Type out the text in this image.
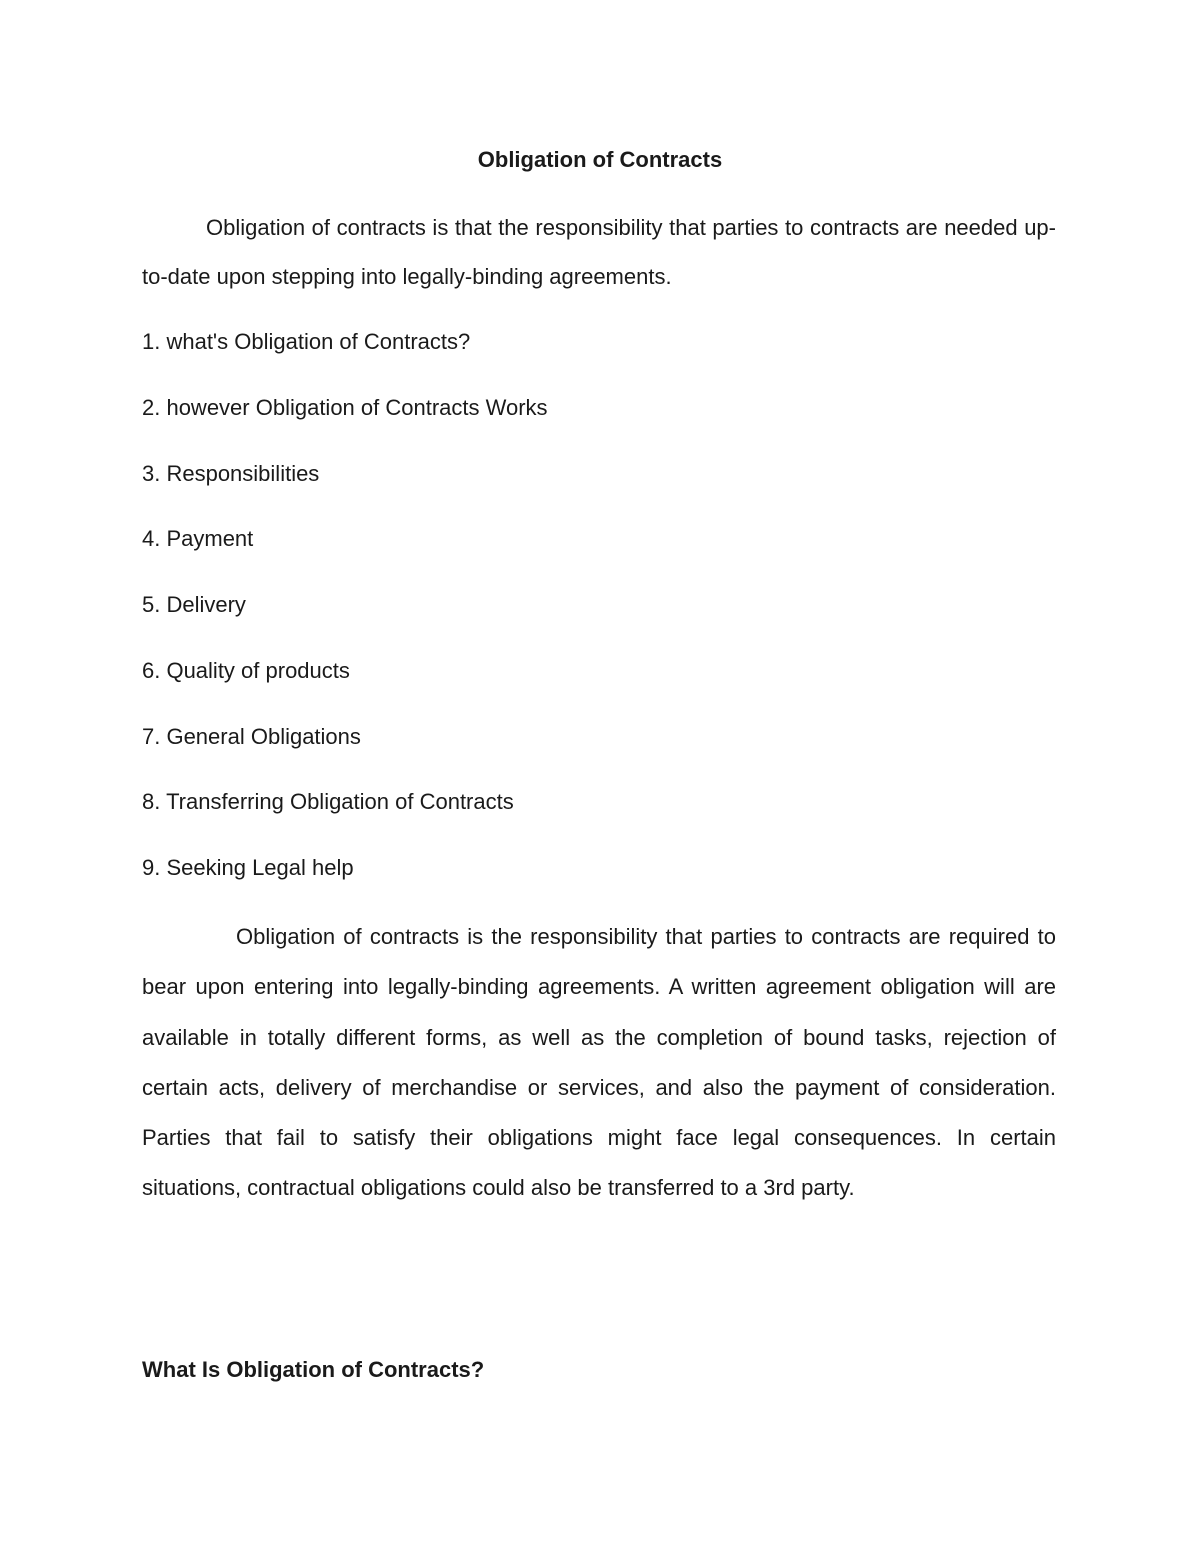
Obligation of Contracts

Obligation of contracts is that the responsibility that parties to contracts are needed up-to-date upon stepping into legally-binding agreements.

1. what's Obligation of Contracts?
2. however Obligation of Contracts Works
3. Responsibilities
4. Payment
5. Delivery
6. Quality of products
7. General Obligations
8. Transferring Obligation of Contracts
9. Seeking Legal help

Obligation of contracts is the responsibility that parties to contracts are required to bear upon entering into legally-binding agreements. A written agreement obligation will are available in totally different forms, as well as the completion of bound tasks, rejection of certain acts, delivery of merchandise or services, and also the payment of consideration. Parties that fail to satisfy their obligations might face legal consequences. In certain situations, contractual obligations could also be transferred to a 3rd party.

What Is Obligation of Contracts?
